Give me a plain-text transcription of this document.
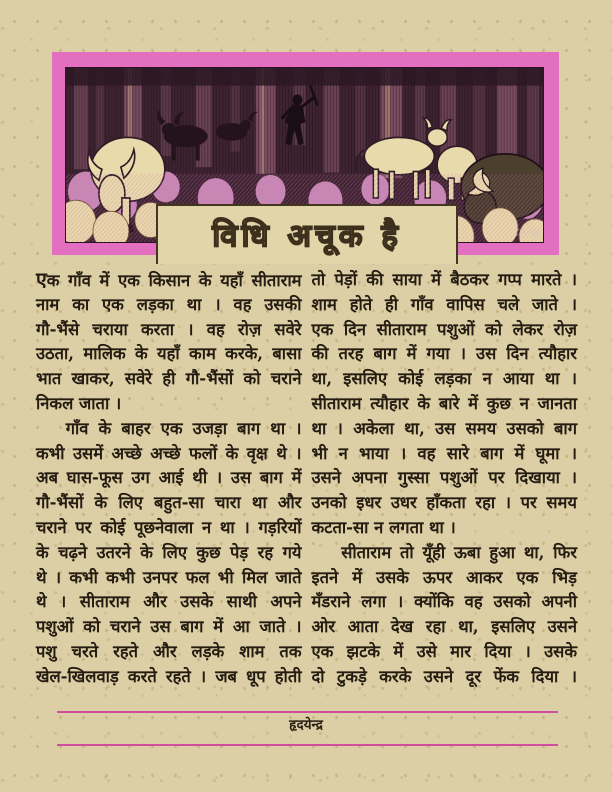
CHITRA
विधि अचूक है
एक गाँव में एक किसान के यहाँ सीताराम
नाम का एक लड़का था । वह उसकी
गौ-भैंसे चराया करता । वह रोज़ सवेरे
उठता, मालिक के यहाँ काम करके, बासा
भात खाकर, सवेरे ही गौ-भैंसों को चराने
निकल जाता ।
गाँव के बाहर एक उजड़ा बाग था ।
कभी उसमें अच्छे अच्छे फलों के वृक्ष थे ।
अब घास-फूस उग आई थी । उस बाग में
गौ-भैंसों के लिए बहुत-सा चारा था और
चराने पर कोई पूछनेवाला न था । गड़रियों
के चढ़ने उतरने के लिए कुछ पेड़ रह गये
थे । कभी कभी उनपर फल भी मिल जाते
थे । सीताराम और उसके साथी अपने
पशुओं को चराने उस बाग में आ जाते ।
पशु चरते रहते और लड़के शाम तक
खेल-खिलवाड़ करते रहते । जब धूप होती
तो पेड़ों की साया में बैठकर गप्प मारते ।
शाम होते ही गाँव वापिस चले जाते ।
एक दिन सीताराम पशुओं को लेकर रोज़
की तरह बाग में गया । उस दिन त्यौहार
था, इसलिए कोई लड़का न आया था ।
सीताराम त्यौहार के बारे में कुछ न जानता
था । अकेला था, उस समय उसको बाग
भी न भाया । वह सारे बाग में घूमा ।
उसने अपना गुस्सा पशुओं पर दिखाया ।
उनको इधर उधर हाँकता रहा । पर समय
कटता-सा न लगता था ।
सीताराम तो यूँही ऊबा हुआ था, फिर
इतने में उसके ऊपर आकर एक भिड़
मँडराने लगा । क्योंकि वह उसको अपनी
ओर आता देख रहा था, इसलिए उसने
एक झटके में उसे मार दिया । उसके
दो टुकड़े करके उसने दूर फेंक दिया ।
हृदयेन्द्र
